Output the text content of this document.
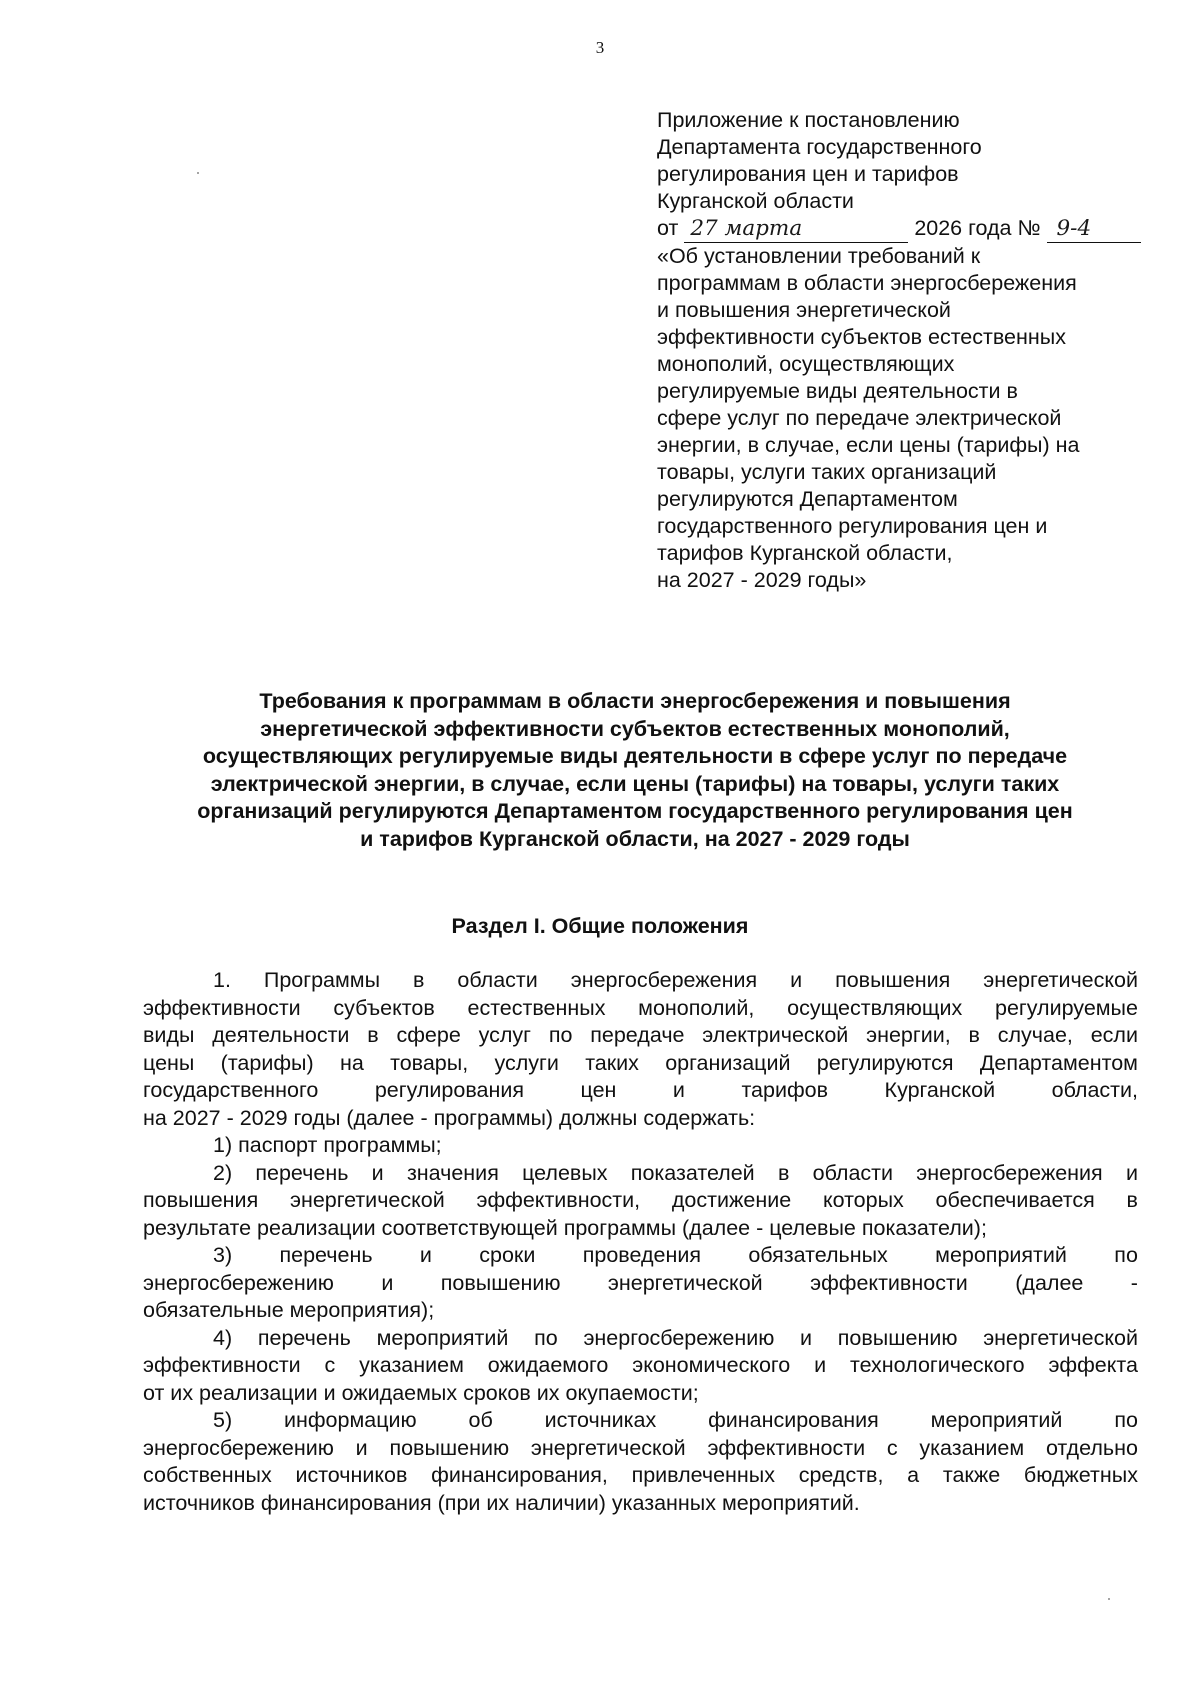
3
Приложение к постановлению
Департамента государственного
регулирования цен и тарифов
Курганской области
от 27 марта	2026 года № 9-4
«Об установлении требований к
программам в области энергосбережения
и повышения энергетической
эффективности субъектов естественных
монополий, осуществляющих
регулируемые виды деятельности в
сфере услуг по передаче электрической
энергии, в случае, если цены (тарифы) на
товары, услуги таких организаций
регулируются Департаментом
государственного регулирования цен и
тарифов Курганской области,
на 2027 - 2029 годы»
Требования к программам в области энергосбережения и повышения
энергетической эффективности субъектов естественных монополий,
осуществляющих регулируемые виды деятельности в сфере услуг по передаче
электрической энергии, в случае, если цены (тарифы) на товары, услуги таких
организаций регулируются Департаментом государственного регулирования цен
и тарифов Курганской области, на 2027 - 2029 годы
Раздел I. Общие положения
1. Программы в области энергосбережения и повышения энергетической
эффективности субъектов естественных монополий, осуществляющих регулируемые
виды деятельности в сфере услуг по передаче электрической энергии, в случае, если
цены (тарифы) на товары, услуги таких организаций регулируются Департаментом
государственного	регулирования	цен	и	тарифов	Курганской	области,
на 2027 - 2029 годы (далее - программы) должны содержать:
1) паспорт программы;
2) перечень и значения целевых показателей в области энергосбережения и
повышения энергетической эффективности, достижение которых обеспечивается в
результате реализации соответствующей программы (далее - целевые показатели);
3) перечень и сроки проведения обязательных мероприятий по
энергосбережению и повышению энергетической эффективности (далее -
обязательные мероприятия);
4) перечень мероприятий по энергосбережению и повышению энергетической
эффективности с указанием ожидаемого экономического и технологического эффекта
от их реализации и ожидаемых сроков их окупаемости;
5) информацию об источниках финансирования мероприятий по
энергосбережению и повышению энергетической эффективности с указанием отдельно
собственных источников финансирования, привлеченных средств, а также бюджетных
источников финансирования (при их наличии) указанных мероприятий.
